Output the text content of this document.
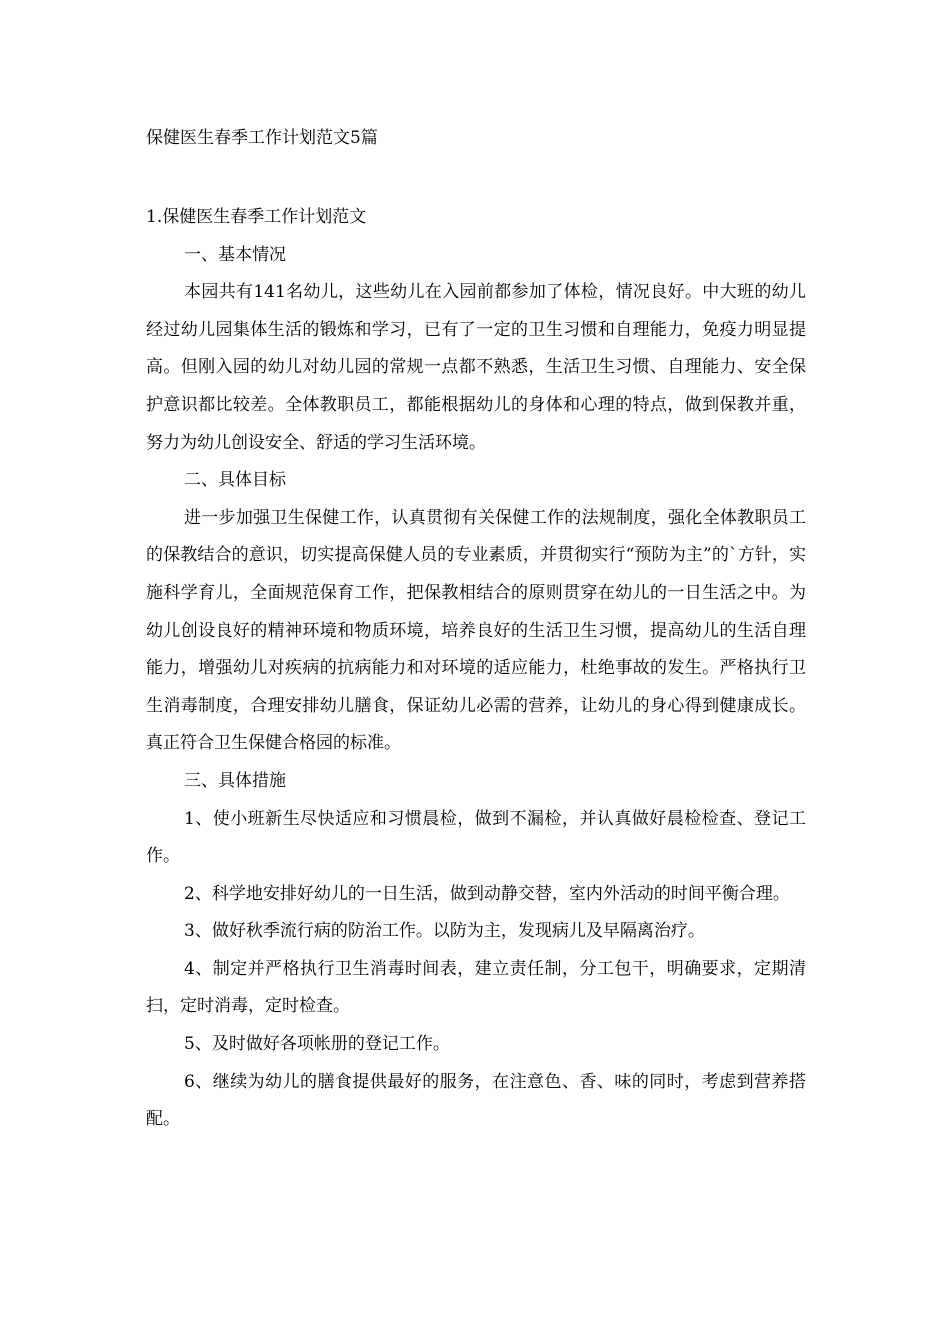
保健医生春季工作计划范文5篇

1.保健医生春季工作计划范文

一、基本情况

本园共有141名幼儿，这些幼儿在入园前都参加了体检，情况良好。中大班的幼儿经过幼儿园集体生活的锻炼和学习，已有了一定的卫生习惯和自理能力，免疫力明显提高。但刚入园的幼儿对幼儿园的常规一点都不熟悉，生活卫生习惯、自理能力、安全保护意识都比较差。全体教职员工，都能根据幼儿的身体和心理的特点，做到保教并重，努力为幼儿创设安全、舒适的学习生活环境。

二、具体目标

进一步加强卫生保健工作，认真贯彻有关保健工作的法规制度，强化全体教职员工的保教结合的意识，切实提高保健人员的专业素质，并贯彻实行“预防为主”的`方针，实施科学育儿，全面规范保育工作，把保教相结合的原则贯穿在幼儿的一日生活之中。为幼儿创设良好的精神环境和物质环境，培养良好的生活卫生习惯，提高幼儿的生活自理能力，增强幼儿对疾病的抗病能力和对环境的适应能力，杜绝事故的发生。严格执行卫生消毒制度，合理安排幼儿膳食，保证幼儿必需的营养，让幼儿的身心得到健康成长。真正符合卫生保健合格园的标准。

三、具体措施

1、使小班新生尽快适应和习惯晨检，做到不漏检，并认真做好晨检检查、登记工作。

2、科学地安排好幼儿的一日生活，做到动静交替，室内外活动的时间平衡合理。

3、做好秋季流行病的防治工作。以防为主，发现病儿及早隔离治疗。

4、制定并严格执行卫生消毒时间表，建立责任制，分工包干，明确要求，定期清扫，定时消毒，定时检查。

5、及时做好各项帐册的登记工作。

6、继续为幼儿的膳食提供最好的服务，在注意色、香、味的同时，考虑到营养搭配。
